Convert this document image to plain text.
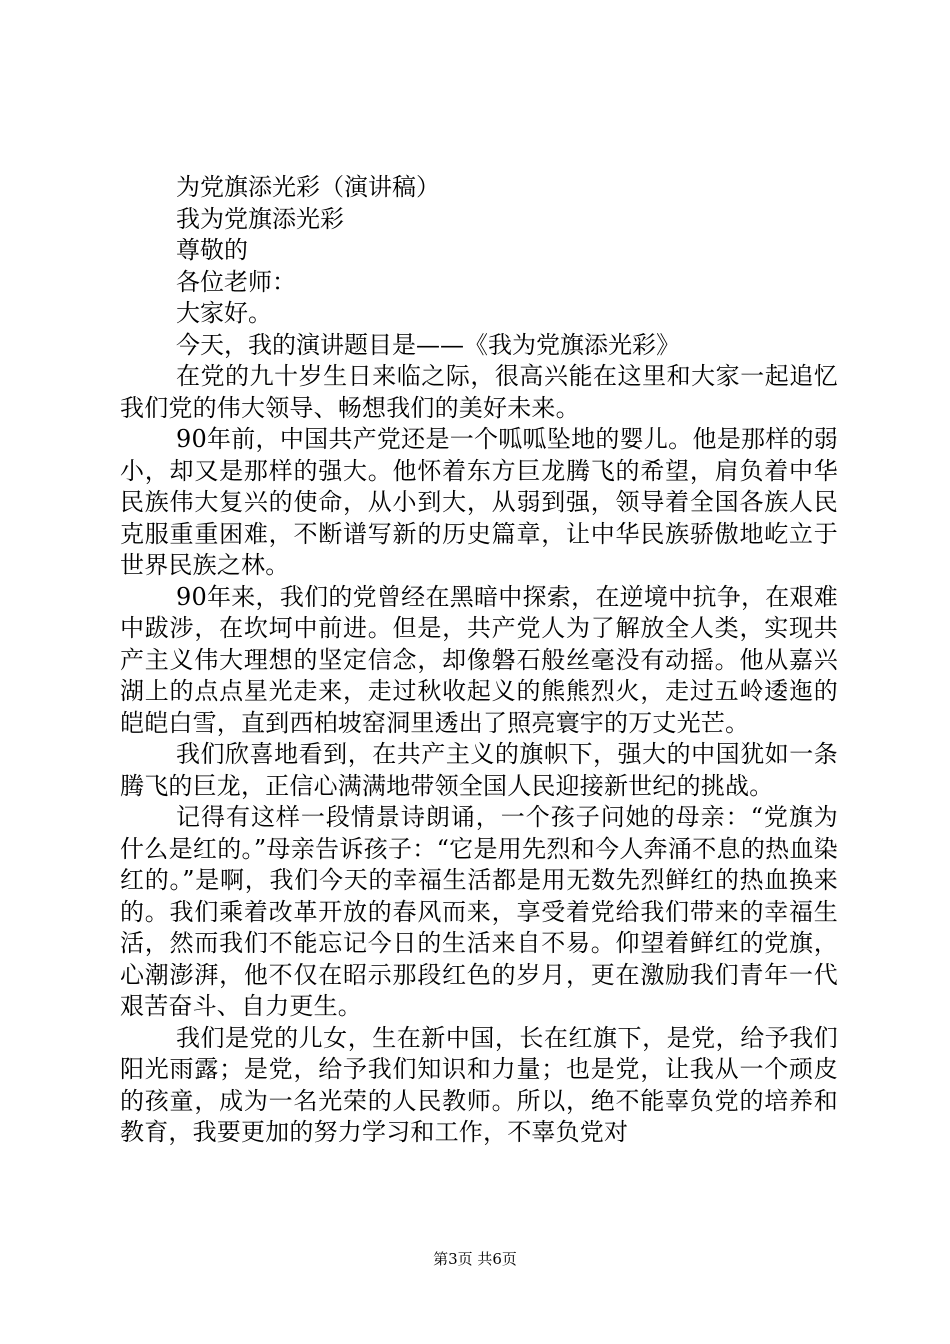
为党旗添光彩（演讲稿）
我为党旗添光彩
尊敬的
各位老师：
大家好。
今天，我的演讲题目是——《我为党旗添光彩》

在党的九十岁生日来临之际，很高兴能在这里和大家一起追忆我们党的伟大领导、畅想我们的美好未来。

90年前，中国共产党还是一个呱呱坠地的婴儿。他是那样的弱小，却又是那样的强大。他怀着东方巨龙腾飞的希望，肩负着中华民族伟大复兴的使命，从小到大，从弱到强，领导着全国各族人民克服重重困难，不断谱写新的历史篇章，让中华民族骄傲地屹立于世界民族之林。

90年来，我们的党曾经在黑暗中探索，在逆境中抗争，在艰难中跋涉，在坎坷中前进。但是，共产党人为了解放全人类，实现共产主义伟大理想的坚定信念，却像磐石般丝毫没有动摇。他从嘉兴湖上的点点星光走来，走过秋收起义的熊熊烈火，走过五岭逶迤的皑皑白雪，直到西柏坡窑洞里透出了照亮寰宇的万丈光芒。

我们欣喜地看到，在共产主义的旗帜下，强大的中国犹如一条腾飞的巨龙，正信心满满地带领全国人民迎接新世纪的挑战。

记得有这样一段情景诗朗诵，一个孩子问她的母亲：“党旗为什么是红的。”母亲告诉孩子：“它是用先烈和今人奔涌不息的热血染红的。”是啊，我们今天的幸福生活都是用无数先烈鲜红的热血换来的。我们乘着改革开放的春风而来，享受着党给我们带来的幸福生活，然而我们不能忘记今日的生活来自不易。仰望着鲜红的党旗，心潮澎湃，他不仅在昭示那段红色的岁月，更在激励我们青年一代艰苦奋斗、自力更生。

我们是党的儿女，生在新中国，长在红旗下，是党，给予我们阳光雨露；是党，给予我们知识和力量；也是党，让我从一个顽皮的孩童，成为一名光荣的人民教师。所以，绝不能辜负党的培养和教育，我要更加的努力学习和工作，不辜负党对

第3页 共6页
